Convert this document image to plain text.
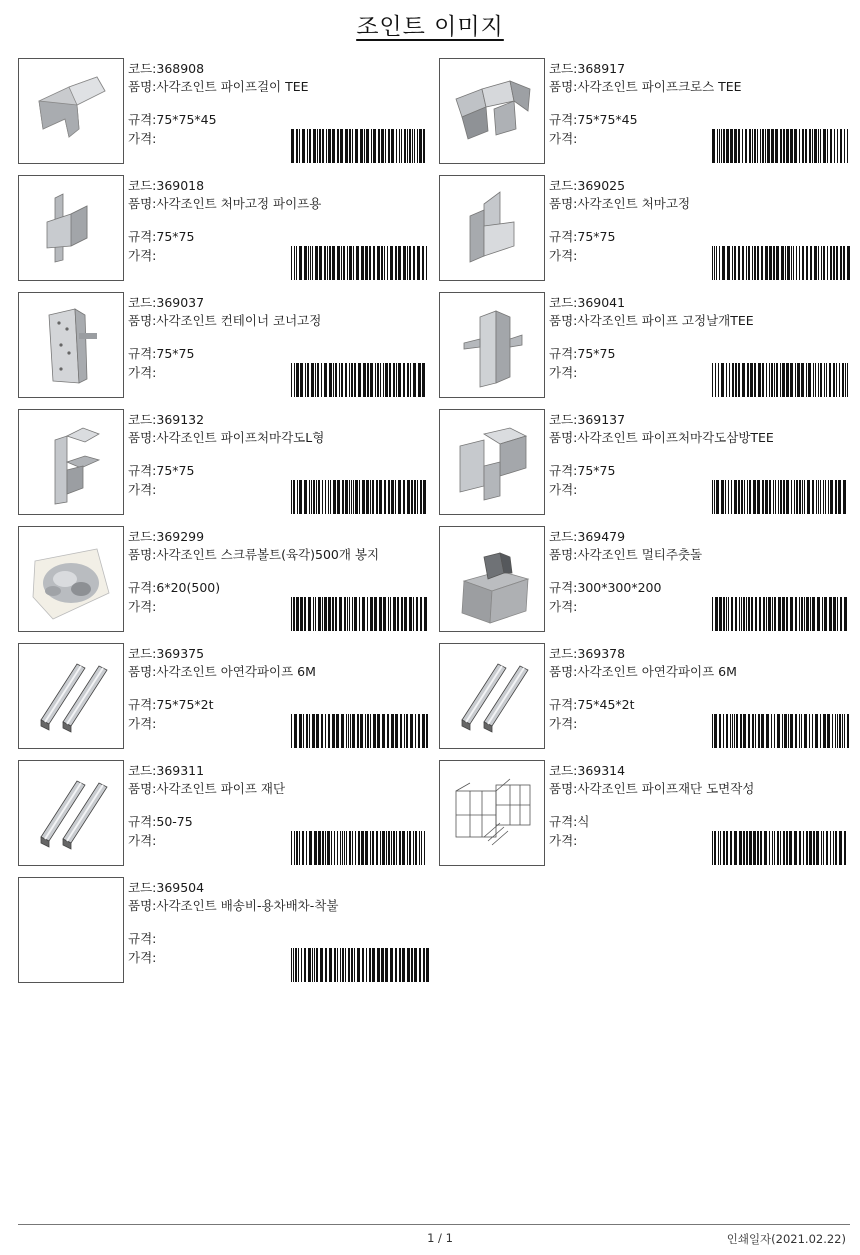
조인트 이미지
코드: 368908
품명: 사각조인트 파이프걸이 TEE
규격: 75*75*45
가격:
코드: 368917
품명: 사각조인트 파이프크로스 TEE
규격: 75*75*45
가격:
코드: 369018
품명: 사각조인트 처마고정 파이프용
규격: 75*75
가격:
코드: 369025
품명: 사각조인트 처마고정
규격: 75*75
가격:
코드: 369037
품명: 사각조인트 컨테이너 코너고정
규격: 75*75
가격:
코드: 369041
품명: 사각조인트 파이프 고정날개TEE
규격: 75*75
가격:
코드: 369132
품명: 사각조인트 파이프처마각도L형
규격: 75*75
가격:
코드: 369137
품명: 사각조인트 파이프처마각도삼방TEE
규격: 75*75
가격:
코드: 369299
품명: 사각조인트 스크류볼트(육각)500개 봉지
규격: 6*20(500)
가격:
코드: 369479
품명: 사각조인트 멀티주춧돌
규격: 300*300*200
가격:
코드: 369375
품명: 사각조인트 아연각파이프 6M
규격: 75*75*2t
가격:
코드: 369378
품명: 사각조인트 아연각파이프 6M
규격: 75*45*2t
가격:
코드: 369311
품명: 사각조인트 파이프 재단
규격: 50-75
가격:
코드: 369314
품명: 사각조인트 파이프재단 도면작성
규격: 식
가격:
코드: 369504
품명: 사각조인트 배송비-용차배차-착불
규격:
가격:
1 / 1	인쇄일자(2021.02.22)
